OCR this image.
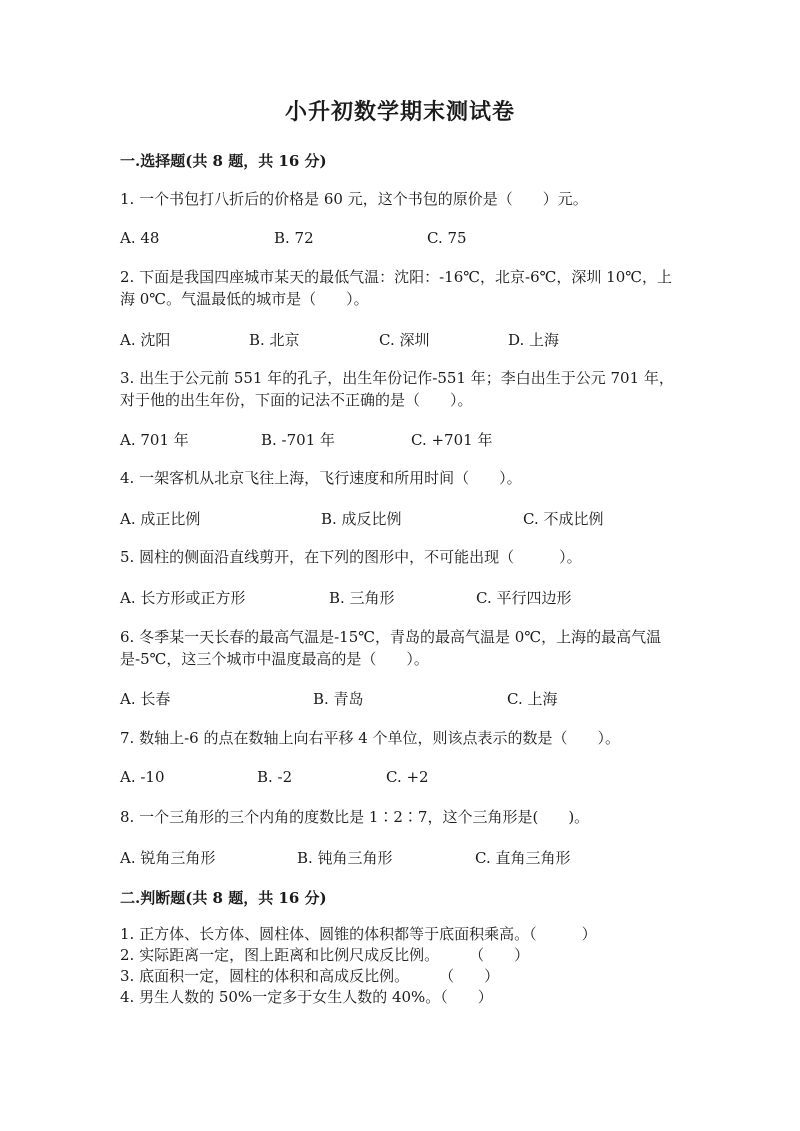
小升初数学期末测试卷
一.选择题(共 8 题，共 16 分)
1. 一个书包打八折后的价格是 60 元，这个书包的原价是（　　）元。
A. 48	B. 72	C. 75
2. 下面是我国四座城市某天的最低气温：沈阳：-16℃，北京-6℃，深圳 10℃，上海 0℃。气温最低的城市是（　　）。
A. 沈阳	B. 北京	C. 深圳	D. 上海
3. 出生于公元前 551 年的孔子，出生年份记作-551 年；李白出生于公元 701 年，对于他的出生年份，下面的记法不正确的是（　　）。
A. 701 年	B. -701 年	C. +701 年
4. 一架客机从北京飞往上海，飞行速度和所用时间（　　）。
A. 成正比例	B. 成反比例	C. 不成比例
5. 圆柱的侧面沿直线剪开，在下列的图形中，不可能出现（　　　）。
A. 长方形或正方形	B. 三角形	C. 平行四边形
6. 冬季某一天长春的最高气温是-15℃，青岛的最高气温是 0℃，上海的最高气温是-5℃，这三个城市中温度最高的是（　　）。
A. 长春	B. 青岛	C. 上海
7. 数轴上-6 的点在数轴上向右平移 4 个单位，则该点表示的数是（　　）。
A. -10	B. -2	C. +2
8. 一个三角形的三个内角的度数比是 1∶2∶7，这个三角形是(　　)。
A. 锐角三角形	B. 钝角三角形	C. 直角三角形
二.判断题(共 8 题，共 16 分)
1. 正方体、长方体、圆柱体、圆锥的体积都等于底面积乘高。（　　　）
2. 实际距离一定，图上距离和比例尺成反比例。　　　（　　）
3. 底面积一定，圆柱的体积和高成反比例。　　　（　　）
4. 男生人数的 50%一定多于女生人数的 40%。（　　）
